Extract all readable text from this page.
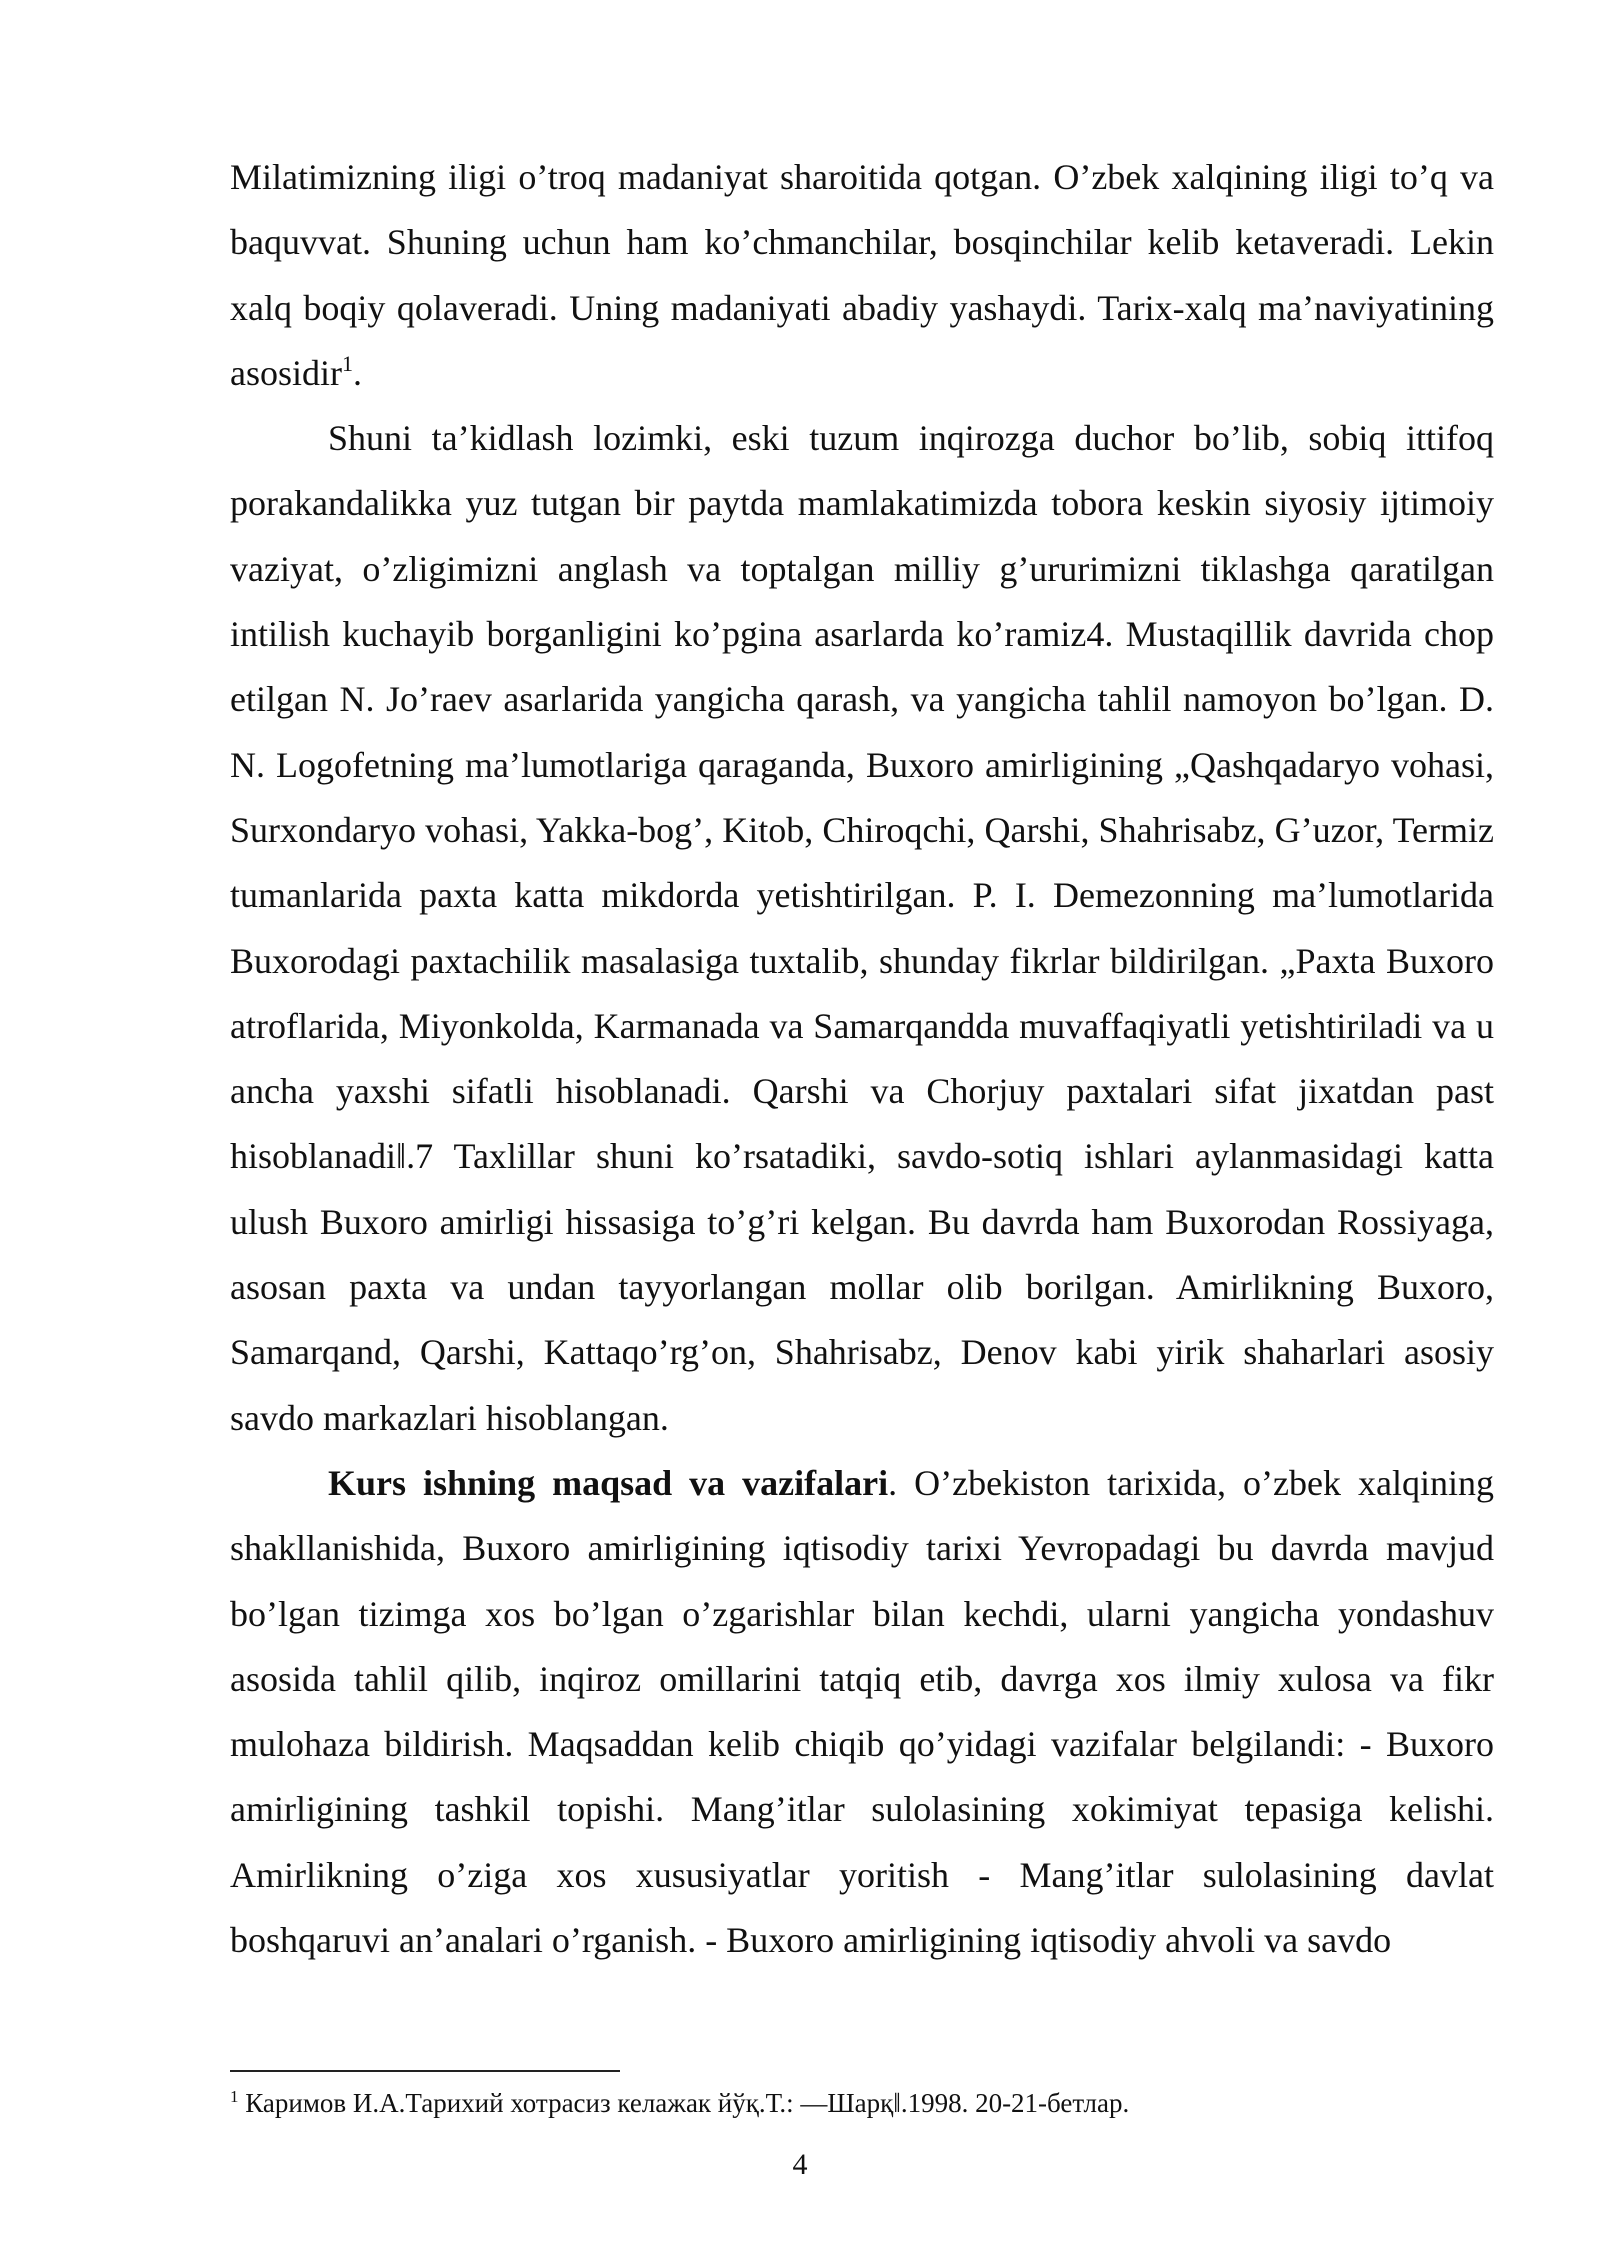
Milatimizning iligi o’troq madaniyat sharoitida qotgan. O’zbek xalqining iligi to’q va baquvvat. Shuning uchun ham ko’chmanchilar, bosqinchilar kelib ketaveradi. Lekin xalq boqiy qolaveradi. Uning madaniyati abadiy yashaydi. Tarix-xalq ma’naviyatining asosidir$^1$.

Shuni ta’kidlash lozimki, eski tuzum inqirozga duchor bo’lib, sobiq ittifoq porakandalikka yuz tutgan bir paytda mamlakatimizda tobora keskin siyosiy ijtimoiy vaziyat, o’zligimizni anglash va toptalgan milliy g’ururimizni tiklashga qaratilgan intilish kuchayib borganligini ko’pgina asarlarda ko’ramiz4. Mustaqillik davrida chop etilgan N. Jo’raev asarlarida yangicha qarash, va yangicha tahlil namoyon bo’lgan. D. N. Logofetning ma’lumotlariga qaraganda, Buxoro amirligining „Qashqadaryo vohasi, Surxondaryo vohasi, Yakka-bog’, Kitob, Chiroqchi, Qarshi, Shahrisabz, G’uzor, Termiz tumanlarida paxta katta mikdorda yetishtirilgan. P. I. Demezonning ma’lumotlarida Buxorodagi paxtachilik masalasiga tuxtalib, shunday fikrlar bildirilgan. „Paxta Buxoro atroflarida, Miyonkolda, Karmanada va Samarqandda muvaffaqiyatli yetishtiriladi va u ancha yaxshi sifatli hisoblanadi. Qarshi va Chorjuy paxtalari sifat jixatdan past hisoblanadi‖.7 Taxlillar shuni ko’rsatadiki, savdo-sotiq ishlari aylanmasidagi katta ulush Buxoro amirligi hissasiga to’g’ri kelgan. Bu davrda ham Buxorodan Rossiyaga, asosan paxta va undan tayyorlangan mollar olib borilgan. Amirlikning Buxoro, Samarqand, Qarshi, Kattaqo’rg’on, Shahrisabz, Denov kabi yirik shaharlari asosiy savdo markazlari hisoblangan.

Kurs ishning maqsad va vazifalari. O’zbekiston tarixida, o’zbek xalqining shakllanishida, Buxoro amirligining iqtisodiy tarixi Yevropadagi bu davrda mavjud bo’lgan tizimga xos bo’lgan o’zgarishlar bilan kechdi, ularni yangicha yondashuv asosida tahlil qilib, inqiroz omillarini tatqiq etib, davrga xos ilmiy xulosa va fikr mulohaza bildirish. Maqsaddan kelib chiqib qo’yidagi vazifalar belgilandi: - Buxoro amirligining tashkil topishi. Mang’itlar sulolasining xokimiyat tepasiga kelishi. Amirlikning o’ziga xos xususiyatlar yoritish - Mang’itlar sulolasining davlat boshqaruvi an’analari o’rganish. - Buxoro amirligining iqtisodiy ahvoli va savdo

$^1$ Каримов И.А.Тарихий хотрасиз келажак йўқ.Т.: ―Шарқ‖.1998. 20-21-бетлар.
4
